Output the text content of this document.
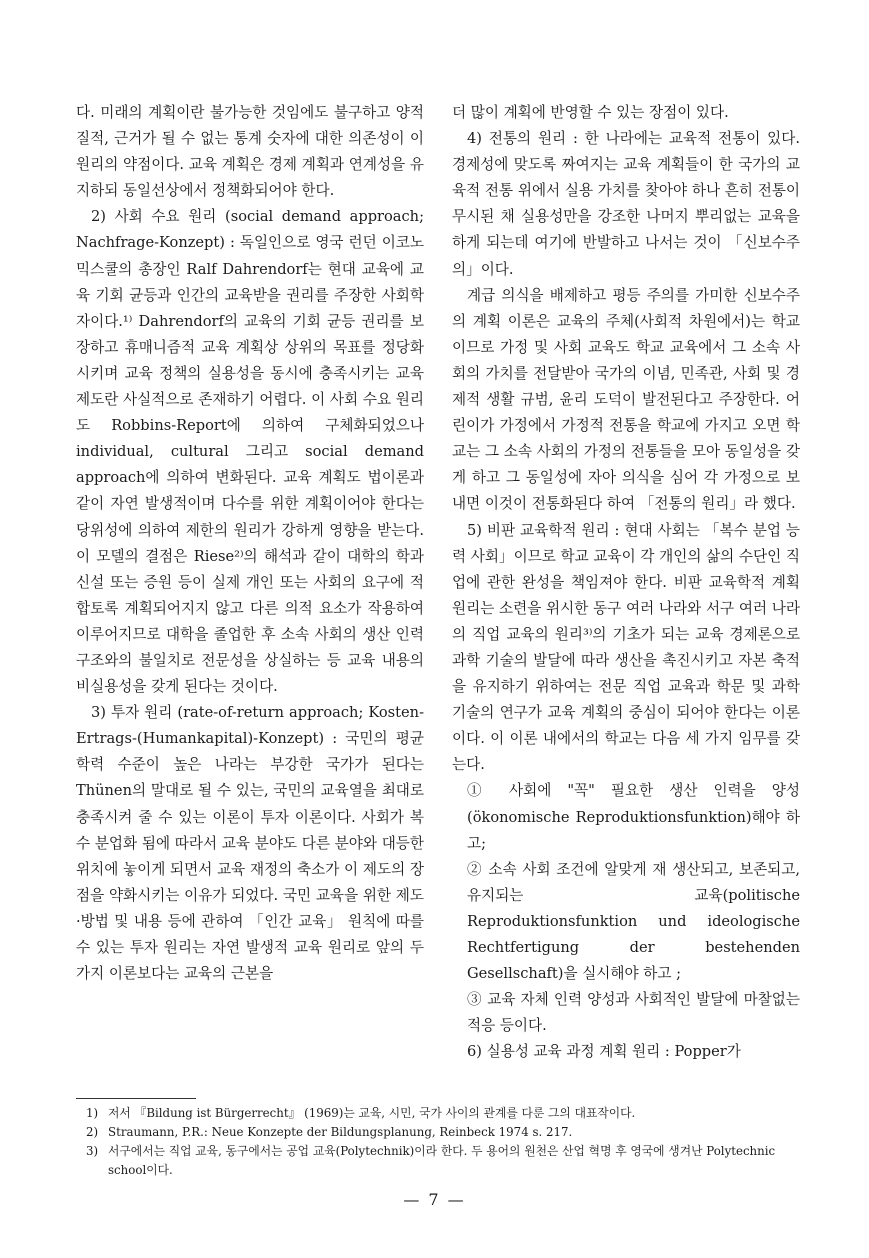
다. 미래의 계획이란 불가능한 것임에도 불구하고 양적 질적, 근거가 될 수 없는 통계 숫자에 대한 의존성이 이 원리의 약점이다. 교육 계획은 경제 계획과 연계성을 유지하되 동일선상에서 정책화되어야 한다.

2) 사회 수요 원리 (social demand approach; Nachfrage-Konzept) : 독일인으로 영국 런던 이코노믹스쿨의 총장인 Ralf Dahrendorf는 현대 교육에 교육 기회 균등과 인간의 교육받을 권리를 주장한 사회학자이다.¹⁾ Dahrendorf의 교육의 기회 균등 권리를 보장하고 휴매니즘적 교육 계획상 상위의 목표를 정당화시키며 교육 정책의 실용성을 동시에 충족시키는 교육 제도란 사실적으로 존재하기 어렵다. 이 사회 수요 원리도 Robbins-Report에 의하여 구체화되었으나 individual, cultural 그리고 social demand approach에 의하여 변화된다. 교육 계획도 법이론과 같이 자연 발생적이며 다수를 위한 계획이어야 한다는 당위성에 의하여 제한의 원리가 강하게 영향을 받는다. 이 모델의 결점은 Riese²⁾의 해석과 같이 대학의 학과 신설 또는 증원 등이 실제 개인 또는 사회의 요구에 적합토록 계획되어지지 않고 다른 의적 요소가 작용하여 이루어지므로 대학을 졸업한 후 소속 사회의 생산 인력 구조와의 불일치로 전문성을 상실하는 등 교육 내용의 비실용성을 갖게 된다는 것이다.

3) 투자 원리 (rate-of-return approach; Kosten-Ertrags-(Humankapital)-Konzept) : 국민의 평균 학력 수준이 높은 나라는 부강한 국가가 된다는 Thünen의 말대로 될 수 있는, 국민의 교육열을 최대로 충족시켜 줄 수 있는 이론이 투자 이론이다. 사회가 복수 분업화 됨에 따라서 교육 분야도 다른 분야와 대등한 위치에 놓이게 되면서 교육 재정의 축소가 이 제도의 장점을 약화시키는 이유가 되었다. 국민 교육을 위한 제도·방법 및 내용 등에 관하여 「인간 교육」 원칙에 따를 수 있는 투자 원리는 자연 발생적 교육 원리로 앞의 두 가지 이론보다는 교육의 근본을

더 많이 계획에 반영할 수 있는 장점이 있다.

4) 전통의 원리 : 한 나라에는 교육적 전통이 있다. 경제성에 맞도록 짜여지는 교육 계획들이 한 국가의 교육적 전통 위에서 실용 가치를 찾아야 하나 흔히 전통이 무시된 채 실용성만을 강조한 나머지 뿌리없는 교육을 하게 되는데 여기에 반발하고 나서는 것이 「신보수주의」이다.

계급 의식을 배제하고 평등 주의를 가미한 신보수주의 계획 이론은 교육의 주체(사회적 차원에서)는 학교이므로 가정 및 사회 교육도 학교 교육에서 그 소속 사회의 가치를 전달받아 국가의 이념, 민족관, 사회 및 경제적 생활 규범, 윤리 도덕이 발전된다고 주장한다. 어린이가 가정에서 가정적 전통을 학교에 가지고 오면 학교는 그 소속 사회의 가정의 전통들을 모아 동일성을 갖게 하고 그 동일성에 자아 의식을 심어 각 가정으로 보내면 이것이 전통화된다 하여 「전통의 원리」라 했다.

5) 비판 교육학적 원리 : 현대 사회는 「복수 분업 능력 사회」이므로 학교 교육이 각 개인의 삶의 수단인 직업에 관한 완성을 책임져야 한다. 비판 교육학적 계획 원리는 소련을 위시한 동구 여러 나라와 서구 여러 나라의 직업 교육의 원리³⁾의 기초가 되는 교육 경제론으로 과학 기술의 발달에 따라 생산을 촉진시키고 자본 축적을 유지하기 위하여는 전문 직업 교육과 학문 및 과학 기술의 연구가 교육 계획의 중심이 되어야 한다는 이론이다. 이 이론 내에서의 학교는 다음 세 가지 임무를 갖는다.

① 사회에 "꼭" 필요한 생산 인력을 양성(ökonomische Reproduktionsfunktion)해야 하고;

② 소속 사회 조건에 알맞게 재 생산되고, 보존되고, 유지되는 교육(politische Reproduktionsfunktion und ideologische Rechtfertigung der bestehenden Gesellschaft)을 실시해야 하고 ;

③ 교육 자체 인력 양성과 사회적인 발달에 마찰없는 적응 등이다.

6) 실용성 교육 과정 계획 원리 : Popper가

1) 저서 『Bildung ist Bürgerrecht』 (1969)는 교육, 시민, 국가 사이의 관계를 다룬 그의 대표작이다.
2) Straumann, P.R.: Neue Konzepte der Bildungsplanung, Reinbeck 1974 s. 217.
3) 서구에서는 직업 교육, 동구에서는 공업 교육(Polytechnik)이라 한다. 두 용어의 원천은 산업 혁명 후 영국에 생겨난 Polytechnic school이다.
— 7 —
